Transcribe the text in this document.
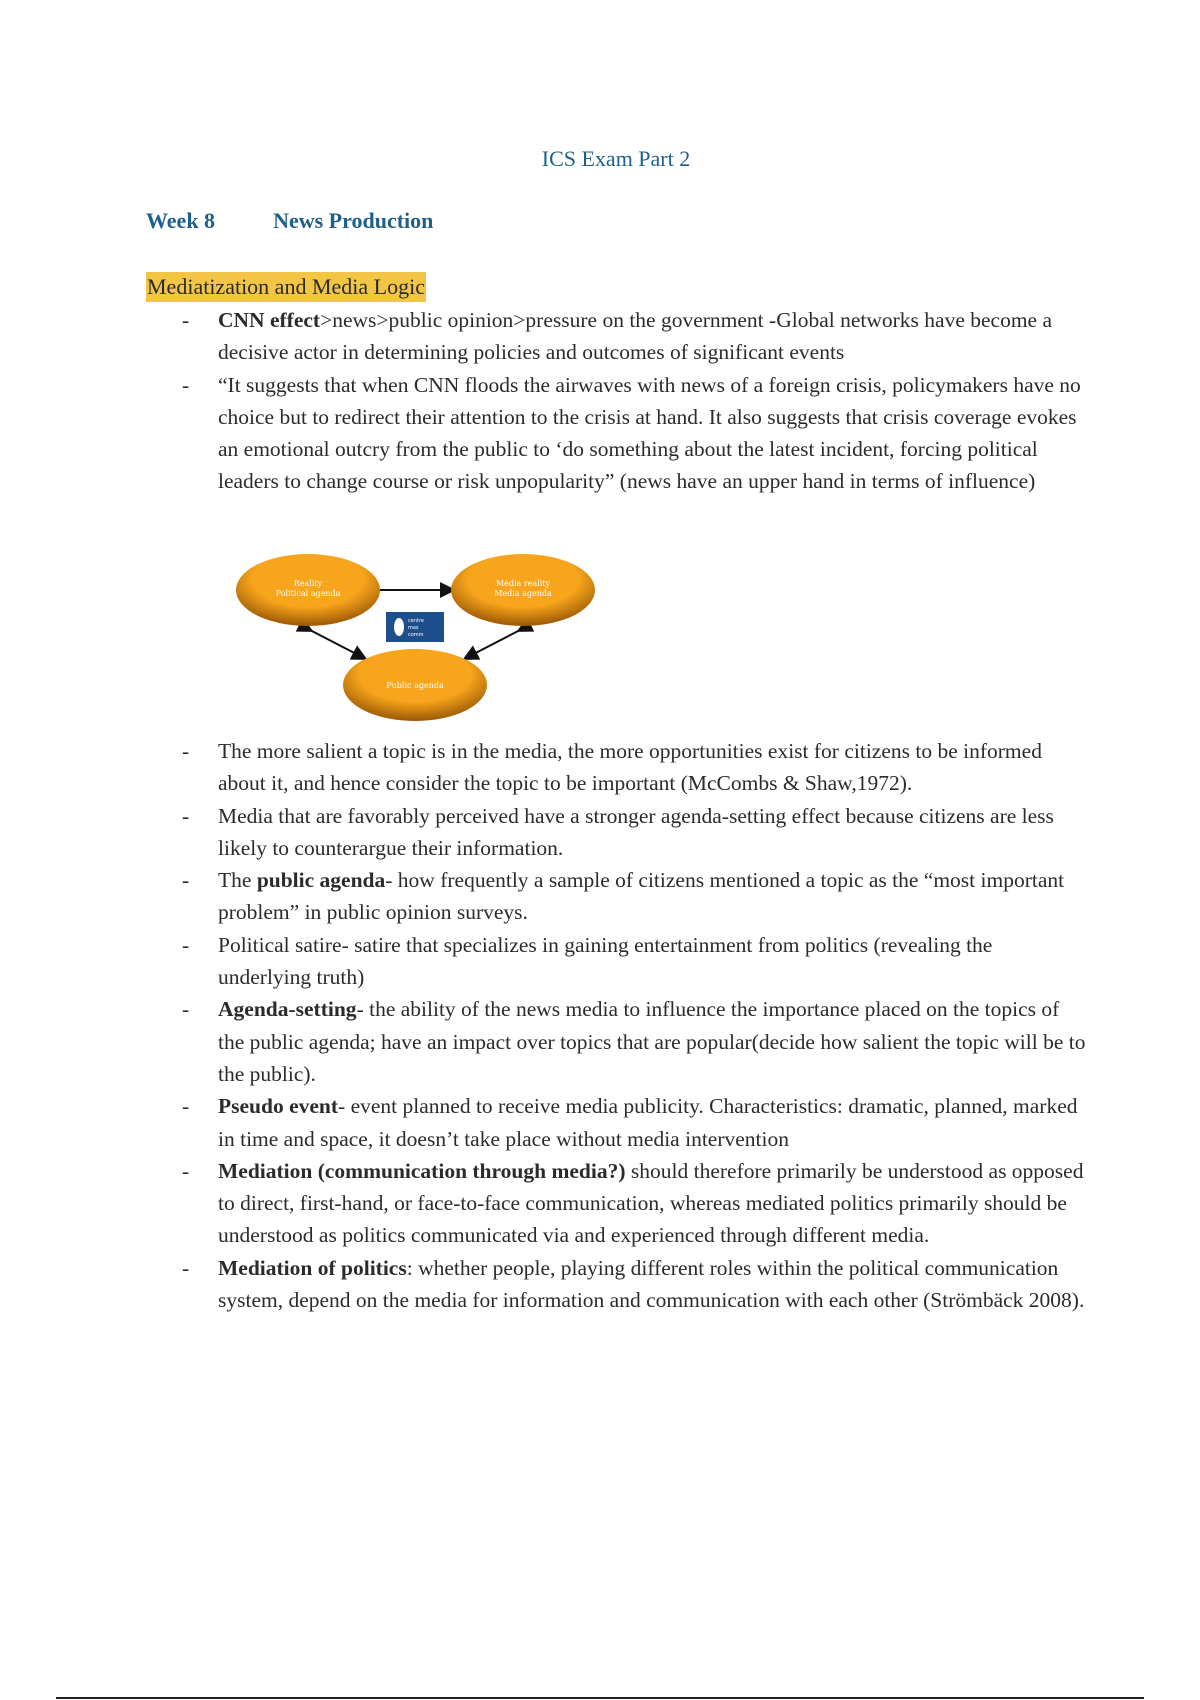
ICS Exam Part 2
Week 8	News Production
Mediatization and Media Logic
- CNN effect>news>public opinion>pressure on the government -Global networks have become a decisive actor in determining policies and outcomes of significant events
- “It suggests that when CNN floods the airwaves with news of a foreign crisis, policymakers have no choice but to redirect their attention to the crisis at hand. It also suggests that crisis coverage evokes an emotional outcry from the public to ‘do something about the latest incident, forcing political leaders to change course or risk unpopularity” (news have an upper hand in terms of influence)
Reality
Political agenda
Media reality
Media agenda
Public agenda
centre
mas
comm
- The more salient a topic is in the media, the more opportunities exist for citizens to be informed about it, and hence consider the topic to be important (McCombs & Shaw,1972).
- Media that are favorably perceived have a stronger agenda-setting effect because citizens are less likely to counterargue their information.
- The public agenda- how frequently a sample of citizens mentioned a topic as the “most important problem” in public opinion surveys.
- Political satire- satire that specializes in gaining entertainment from politics (revealing the underlying truth)
- Agenda-setting- the ability of the news media to influence the importance placed on the topics of the public agenda; have an impact over topics that are popular(decide how salient the topic will be to the public).
- Pseudo event- event planned to receive media publicity. Characteristics: dramatic, planned, marked in time and space, it doesn’t take place without media intervention
- Mediation (communication through media?) should therefore primarily be understood as opposed to direct, first-hand, or face-to-face communication, whereas mediated politics primarily should be understood as politics communicated via and experienced through different media.
- Mediation of politics: whether people, playing different roles within the political communication system, depend on the media for information and communication with each other (Strömbäck 2008).
